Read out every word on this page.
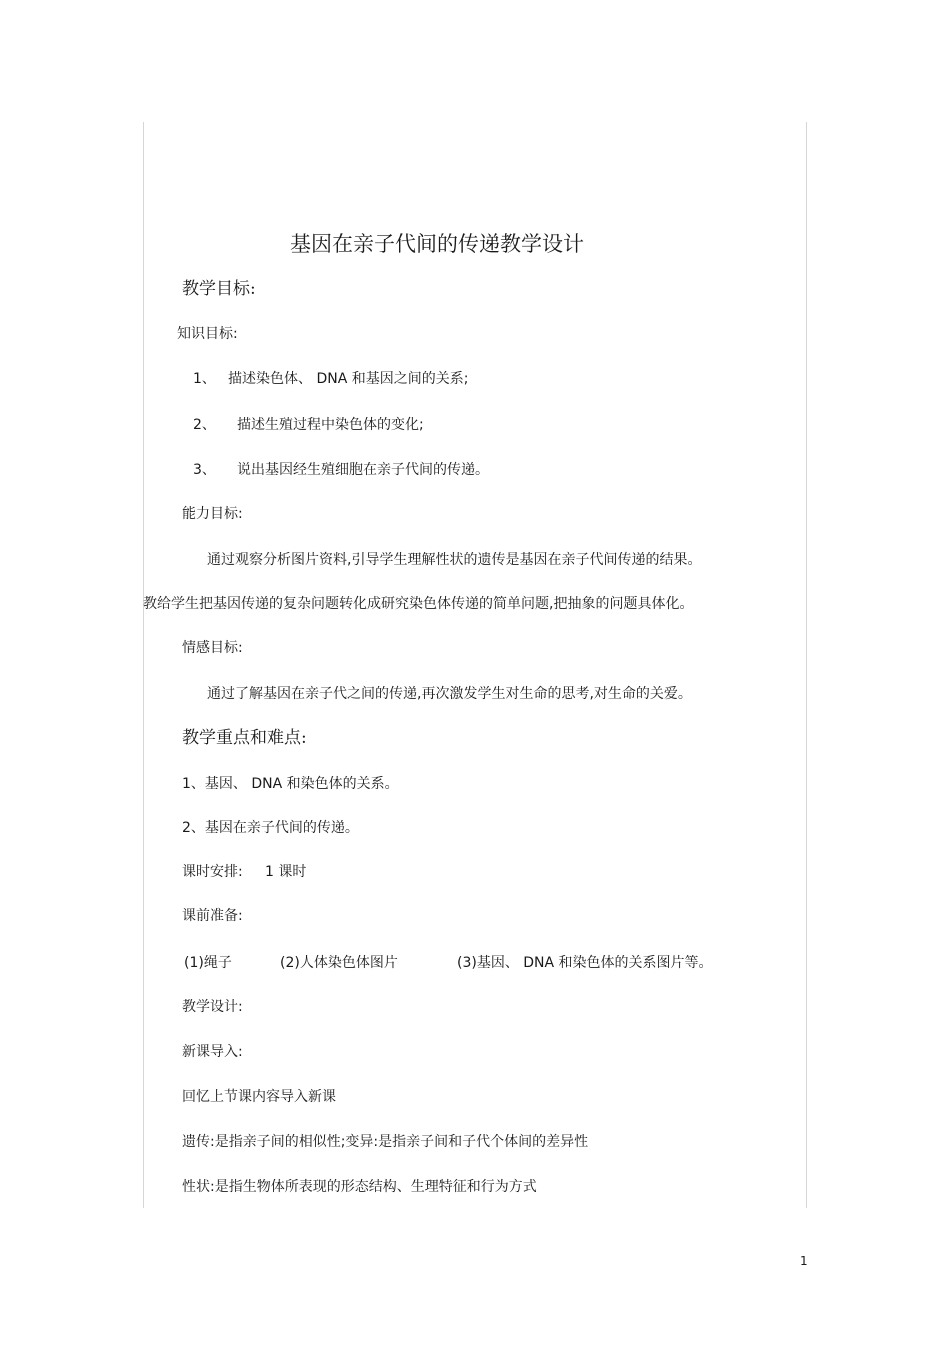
基因在亲子代间的传递教学设计
教学目标:
知识目标:
1、 描述染色体、 DNA 和基因之间的关系;
2、 描述生殖过程中染色体的变化;
3、 说出基因经生殖细胞在亲子代间的传递。
能力目标:
通过观察分析图片资料,引导学生理解性状的遗传是基因在亲子代间传递的结果。
教给学生把基因传递的复杂问题转化成研究染色体传递的简单问题,把抽象的问题具体化。
情感目标:
通过了解基因在亲子代之间的传递,再次激发学生对生命的思考,对生命的关爱。
教学重点和难点:
1、基因、 DNA 和染色体的关系。
2、基因在亲子代间的传递。
课时安排: 1 课时
课前准备:
(1)绳子	(2)人体染色体图片	(3)基因、 DNA 和染色体的关系图片等。
教学设计:
新课导入:
回忆上节课内容导入新课
遗传:是指亲子间的相似性;变异:是指亲子间和子代个体间的差异性
性状:是指生物体所表现的形态结构、生理特征和行为方式
1
